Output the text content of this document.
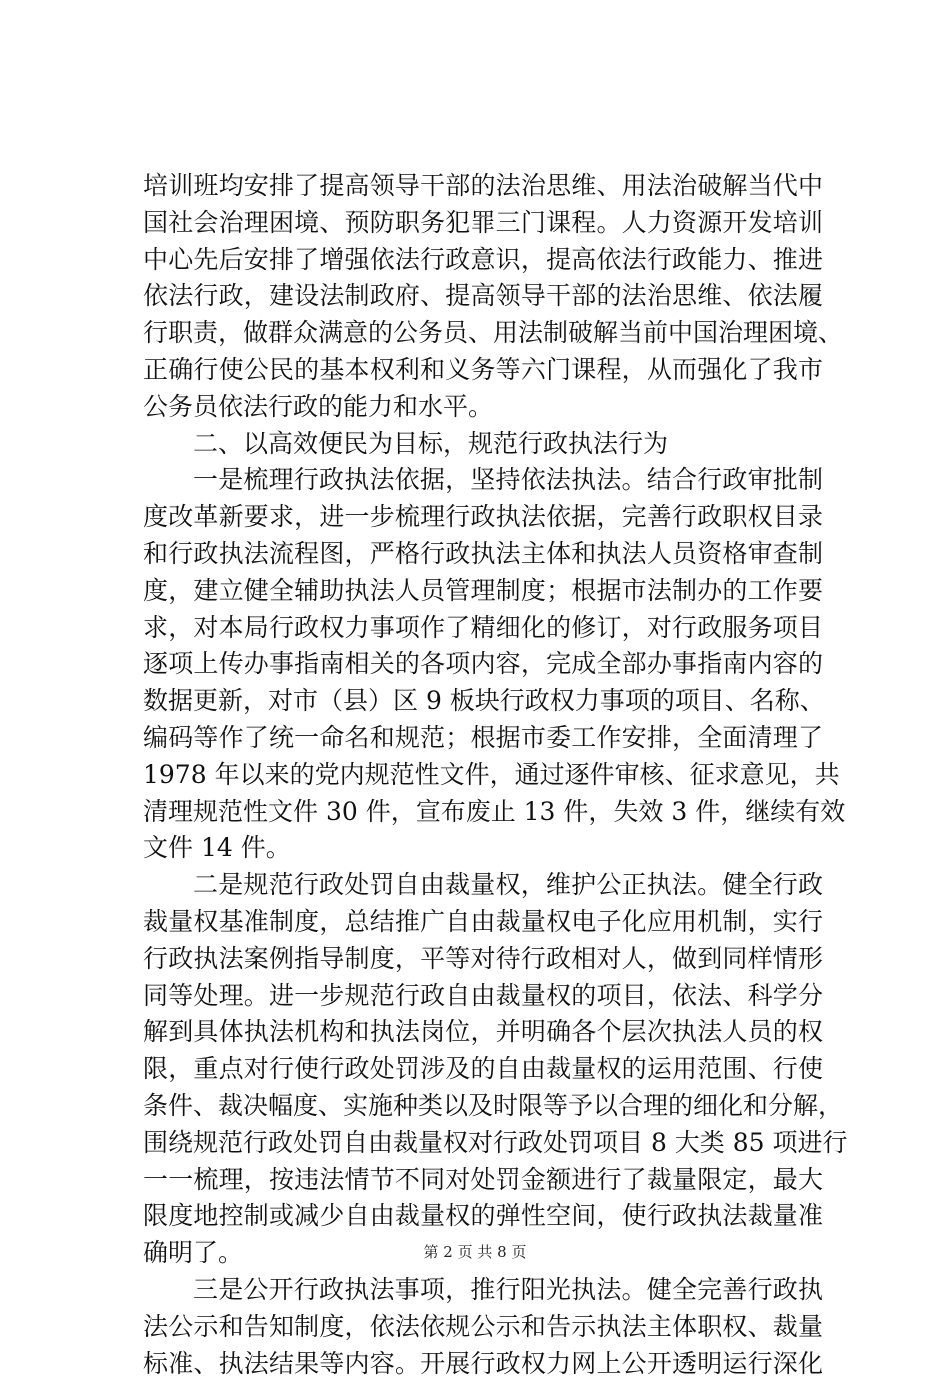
培训班均安排了提高领导干部的法治思维、用法治破解当代中
国社会治理困境、预防职务犯罪三门课程。人力资源开发培训
中心先后安排了增强依法行政意识，提高依法行政能力、推进
依法行政，建设法制政府、提高领导干部的法治思维、依法履
行职责，做群众满意的公务员、用法制破解当前中国治理困境、
正确行使公民的基本权利和义务等六门课程，从而强化了我市
公务员依法行政的能力和水平。
二、以高效便民为目标，规范行政执法行为
一是梳理行政执法依据，坚持依法执法。结合行政审批制
度改革新要求，进一步梳理行政执法依据，完善行政职权目录
和行政执法流程图，严格行政执法主体和执法人员资格审查制
度，建立健全辅助执法人员管理制度；根据市法制办的工作要
求，对本局行政权力事项作了精细化的修订，对行政服务项目
逐项上传办事指南相关的各项内容，完成全部办事指南内容的
数据更新，对市（县）区 9 板块行政权力事项的项目、名称、
编码等作了统一命名和规范；根据市委工作安排，全面清理了
1978 年以来的党内规范性文件，通过逐件审核、征求意见，共
清理规范性文件 30 件，宣布废止 13 件，失效 3 件，继续有效
文件 14 件。
二是规范行政处罚自由裁量权，维护公正执法。健全行政
裁量权基准制度，总结推广自由裁量权电子化应用机制，实行
行政执法案例指导制度，平等对待行政相对人，做到同样情形
同等处理。进一步规范行政自由裁量权的项目，依法、科学分
解到具体执法机构和执法岗位，并明确各个层次执法人员的权
限，重点对行使行政处罚涉及的自由裁量权的运用范围、行使
条件、裁决幅度、实施种类以及时限等予以合理的细化和分解，
围绕规范行政处罚自由裁量权对行政处罚项目 8 大类 85 项进行
一一梳理，按违法情节不同对处罚金额进行了裁量限定，最大
限度地控制或减少自由裁量权的弹性空间，使行政执法裁量准
确明了。
三是公开行政执法事项，推行阳光执法。健全完善行政执
法公示和告知制度，依法依规公示和告示执法主体职权、裁量
标准、执法结果等内容。开展行政权力网上公开透明运行深化
第 2 页 共 8 页
